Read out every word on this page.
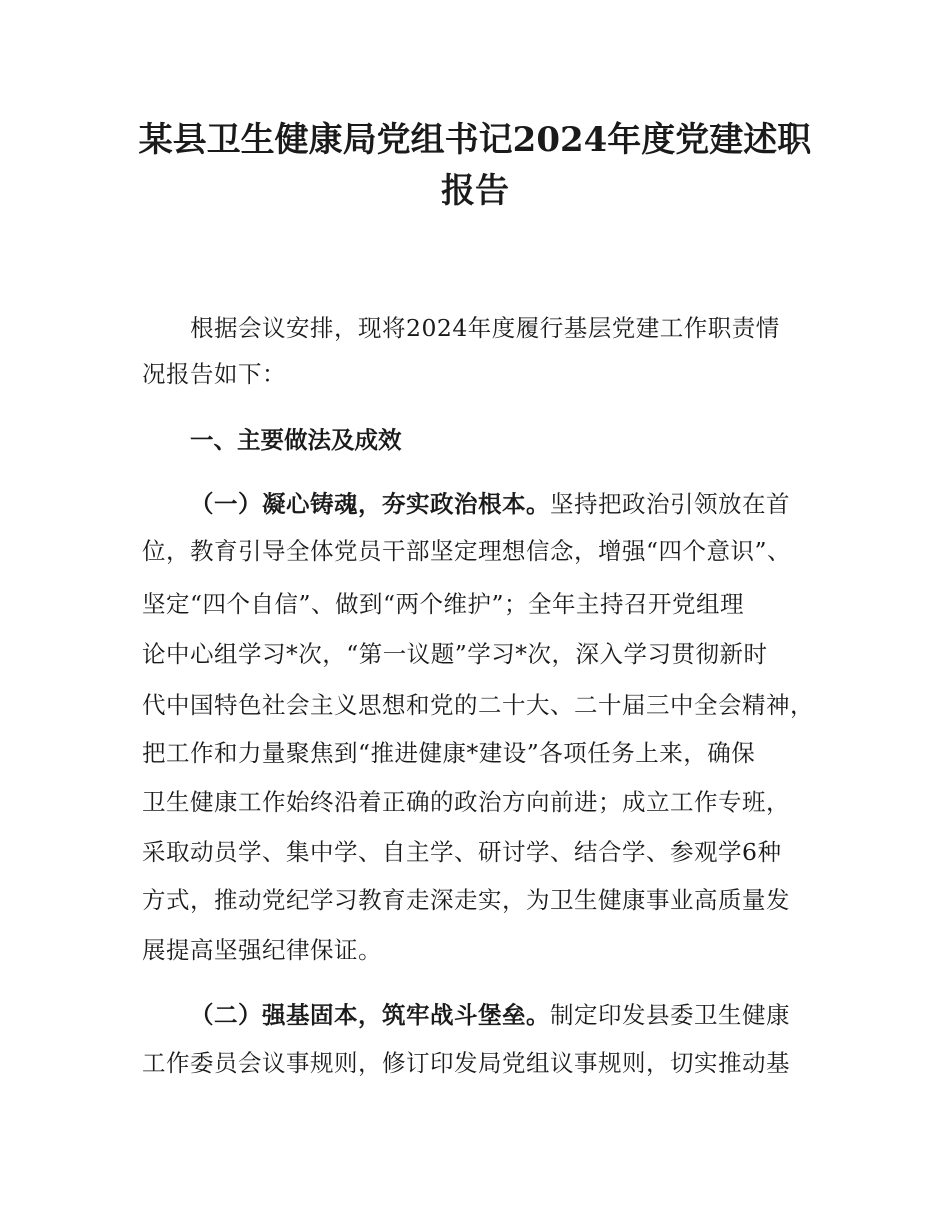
某县卫生健康局党组书记2024年度党建述职
报告

根据会议安排，现将2024年度履行基层党建工作职责情

况报告如下：

一、主要做法及成效

（一）凝心铸魂，夯实政治根本。坚持把政治引领放在首

位，教育引导全体党员干部坚定理想信念，增强“四个意识”、

坚定“四个自信”、做到“两个维护”；全年主持召开党组理

论中心组学习*次，“第一议题”学习*次，深入学习贯彻新时

代中国特色社会主义思想和党的二十大、二十届三中全会精神，

把工作和力量聚焦到“推进健康*建设”各项任务上来，确保

卫生健康工作始终沿着正确的政治方向前进；成立工作专班，

采取动员学、集中学、自主学、研讨学、结合学、参观学6种

方式，推动党纪学习教育走深走实，为卫生健康事业高质量发

展提高坚强纪律保证。

（二）强基固本，筑牢战斗堡垒。制定印发县委卫生健康

工作委员会议事规则，修订印发局党组议事规则，切实推动基
